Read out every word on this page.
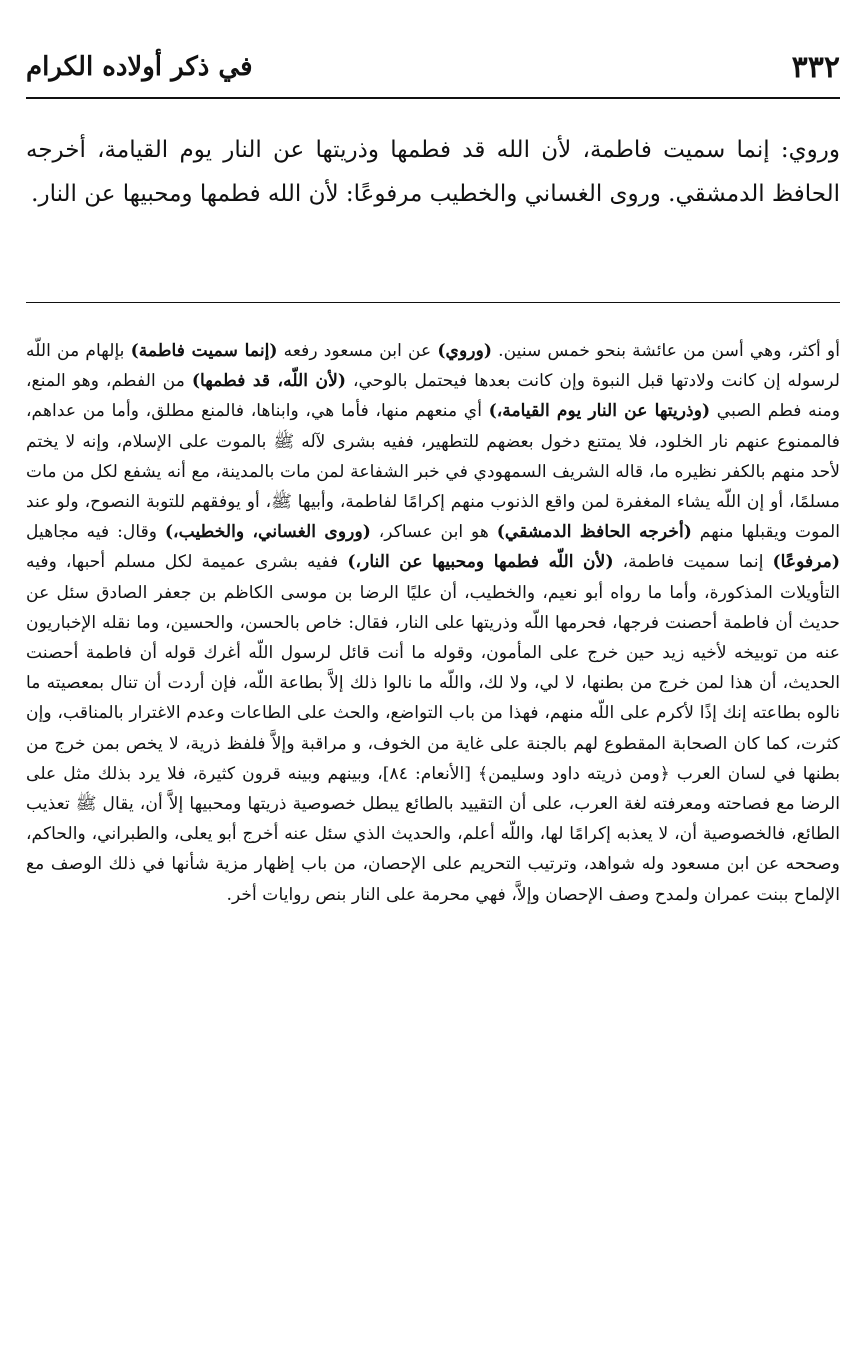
٣٣٢
في ذكر أولاده الكرام

وروي: إنما سميت فاطمة، لأن الله قد فطمها وذريتها عن النار يوم القيامة، أخرجه الحافظ الدمشقي. وروى الغساني والخطيب مرفوعًا: لأن الله فطمها ومحبيها عن النار.

أو أكثر، وهي أسن من عائشة بنحو خمس سنين. (وروي) عن ابن مسعود رفعه (إنما سميت فاطمة) بإلهام من اللّه لرسوله إن كانت ولادتها قبل النبوة وإن كانت بعدها فيحتمل بالوحي، (لأن اللّه، قد فطمها) من الفطم، وهو المنع، ومنه فطم الصبي (وذريتها عن النار يوم القيامة،) أي منعهم منها، فأما هي، وابناها، فالمنع مطلق، وأما من عداهم، فالممنوع عنهم نار الخلود، فلا يمتنع دخول بعضهم للتطهير، ففيه بشرى لآله ﷺ بالموت على الإسلام، وإنه لا يختم لأحد منهم بالكفر نظيره ما، قاله الشريف السمهودي في خبر الشفاعة لمن مات بالمدينة، مع أنه يشفع لكل من مات مسلمًا، أو إن اللّه يشاء المغفرة لمن واقع الذنوب منهم إكرامًا لفاطمة، وأبيها ﷺ، أو يوفقهم للتوبة النصوح، ولو عند الموت ويقبلها منهم (أخرجه الحافظ الدمشقي) هو ابن عساكر، (وروى الغساني، والخطيب،) وقال: فيه مجاهيل (مرفوعًا) إنما سميت فاطمة، (لأن اللّه فطمها ومحبيها عن النار،) ففيه بشرى عميمة لكل مسلم أحبها، وفيه التأويلات المذكورة، وأما ما رواه أبو نعيم، والخطيب، أن عليًا الرضا بن موسى الكاظم بن جعفر الصادق سئل عن حديث أن فاطمة أحصنت فرجها، فحرمها اللّه وذريتها على النار، فقال: خاص بالحسن، والحسين، وما نقله الإخباريون عنه من توبيخه لأخيه زيد حين خرج على المأمون، وقوله ما أنت قائل لرسول اللّه أغرك قوله أن فاطمة أحصنت الحديث، أن هذا لمن خرج من بطنها، لا لي، ولا لك، واللّه ما نالوا ذلك إلاَّ بطاعة اللّه، فإن أردت أن تنال بمعصيته ما نالوه بطاعته إنك إذًا لأكرم على اللّه منهم، فهذا من باب التواضع، والحث على الطاعات وعدم الاغترار بالمناقب، وإن كثرت، كما كان الصحابة المقطوع لهم بالجنة على غاية من الخوف، و مراقبة وإلاَّ فلفظ ذرية، لا يخص بمن خرج من بطنها في لسان العرب ﴿ومن ذريته داود وسليمن﴾ [الأنعام: ٨٤]، وبينهم وبينه قرون كثيرة، فلا يرد بذلك مثل على الرضا مع فصاحته ومعرفته لغة العرب، على أن التقييد بالطائع يبطل خصوصية ذريتها ومحبيها إلاَّ أن، يقال ﷺ تعذيب الطائع، فالخصوصية أن، لا يعذبه إكرامًا لها، واللّه أعلم، والحديث الذي سئل عنه أخرج أبو يعلى، والطبراني، والحاكم، وصححه عن ابن مسعود وله شواهد، وترتيب التحريم على الإحصان، من باب إظهار مزية شأنها في ذلك الوصف مع الإلماح ببنت عمران ولمدح وصف الإحصان وإلاَّ، فهي محرمة على النار بنص روايات أخر.
